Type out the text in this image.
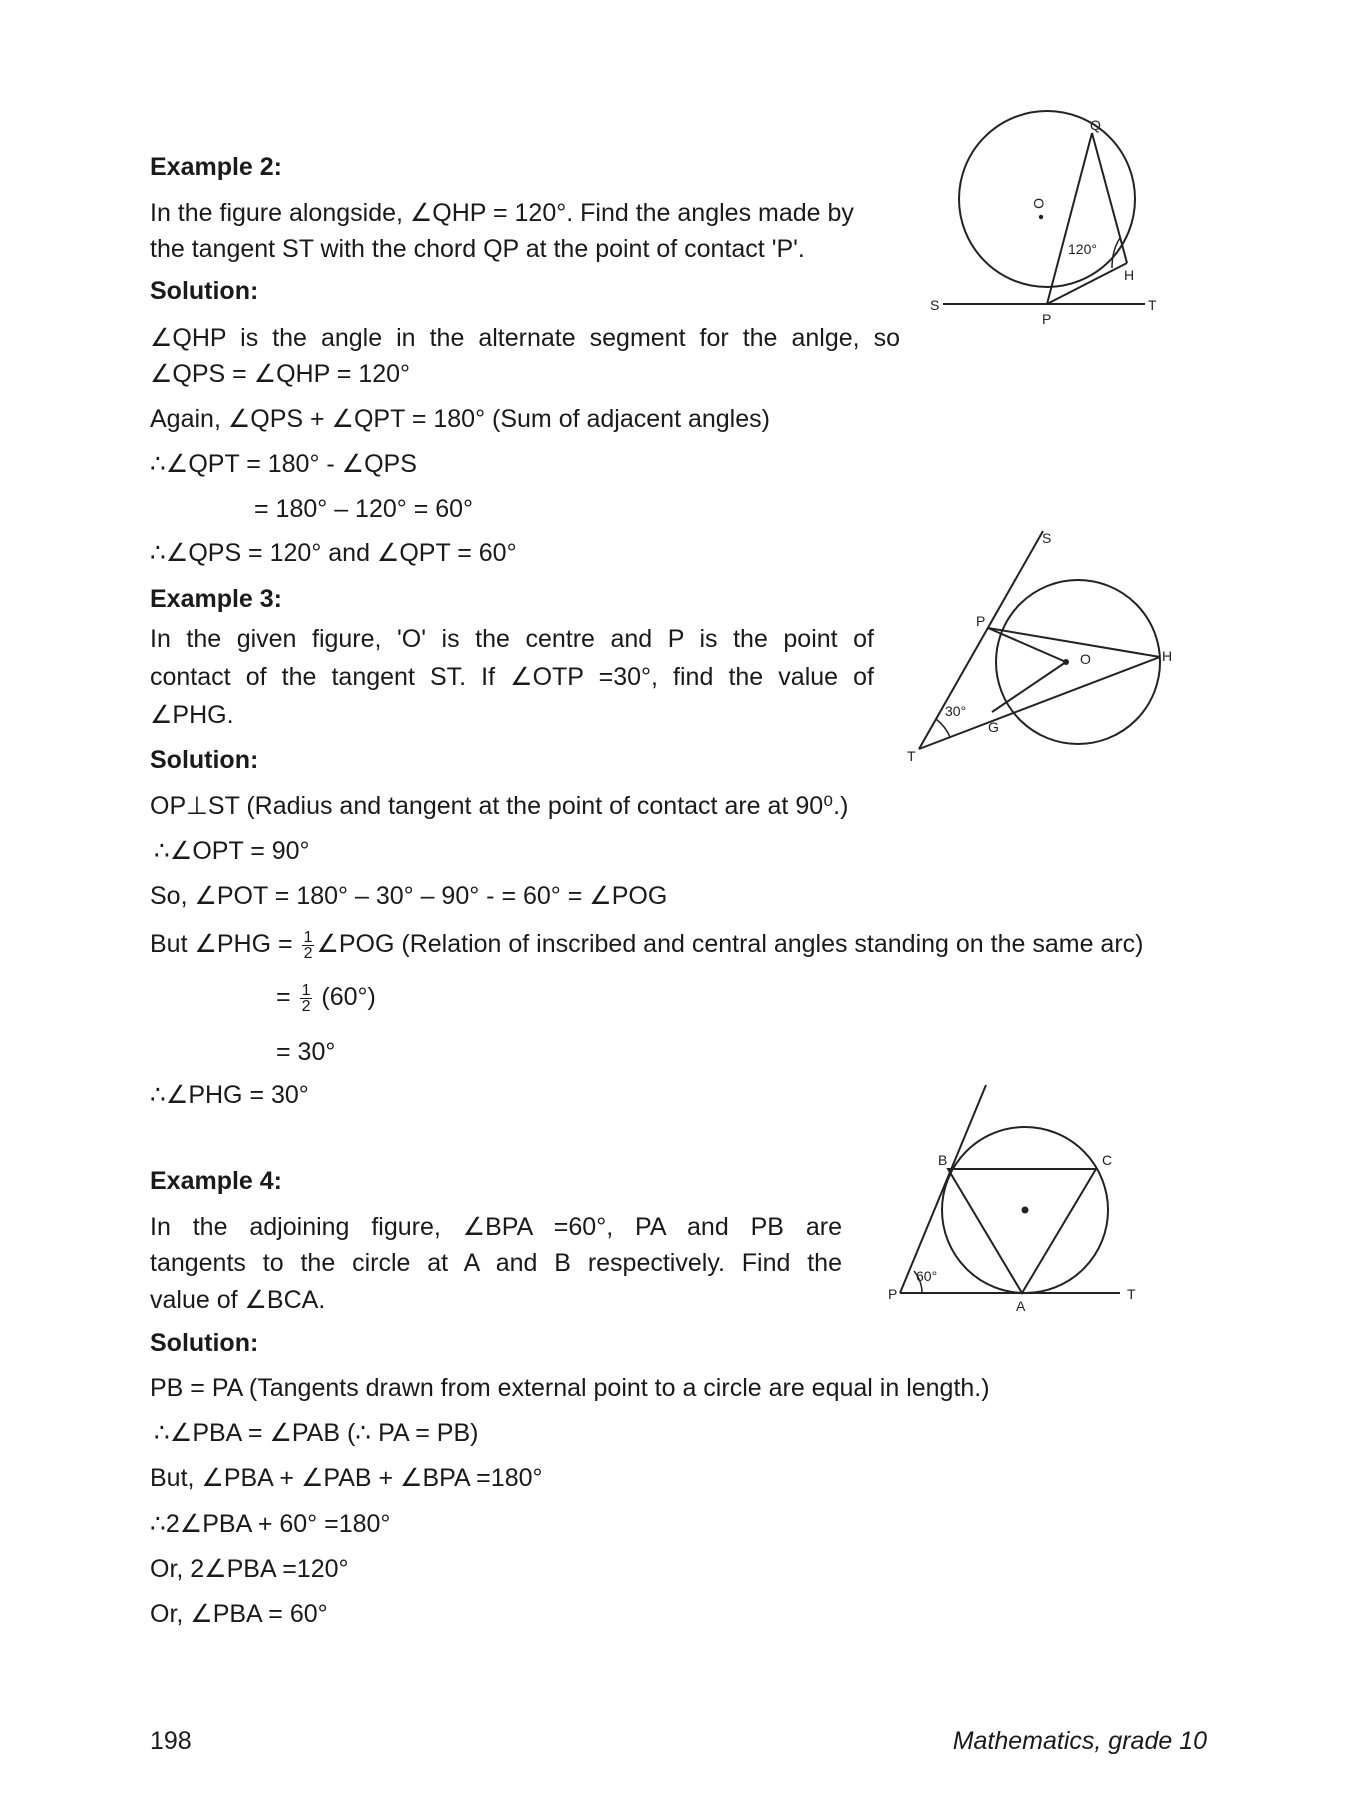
Example 2:
In the figure alongside, ∠QHP = 120°. Find the angles made by
the tangent ST with the chord QP at the point of contact 'P'.
Solution:
∠QHP is the angle in the alternate segment for the anlge, so
∠QPS = ∠QHP = 120°
Again, ∠QPS + ∠QPT = 180° (Sum of adjacent angles)
∴∠QPT = 180° - ∠QPS
= 180° – 120° = 60°
∴∠QPS = 120° and ∠QPT = 60°
Q
O
120°
H
S
P
T
Example 3:
In the given figure, 'O' is the centre and P is the point of
contact of the tangent ST. If ∠OTP =30°, find the value of
∠PHG.
Solution:
OP⊥ST (Radius and tangent at the point of contact are at 90⁰.)
∴∠OPT = 90°
So, ∠POT = 180° – 30° – 90° - = 60° = ∠POG
But ∠PHG = $\frac{1}{2}$ ∠POG (Relation of inscribed and central angles standing on the same arc)
= $\frac{1}{2} (60^\circ)$
= 30°
∴∠PHG = 30°
S
P
O	H
30°
G
T
Example 4:
In the adjoining figure, ∠BPA =60°, PA and PB are
tangents to the circle at A and B respectively. Find the
value of ∠BCA.
Solution:
PB = PA (Tangents drawn from external point to a circle are equal in length.)
∴∠PBA = ∠PAB (∴ PA = PB)
But, ∠PBA + ∠PAB + ∠BPA =180°
∴2∠PBA + 60° =180°
Or, 2∠PBA =120°
Or, ∠PBA = 60°
B	C
60°
P
A
T
198	Mathematics, grade 10
